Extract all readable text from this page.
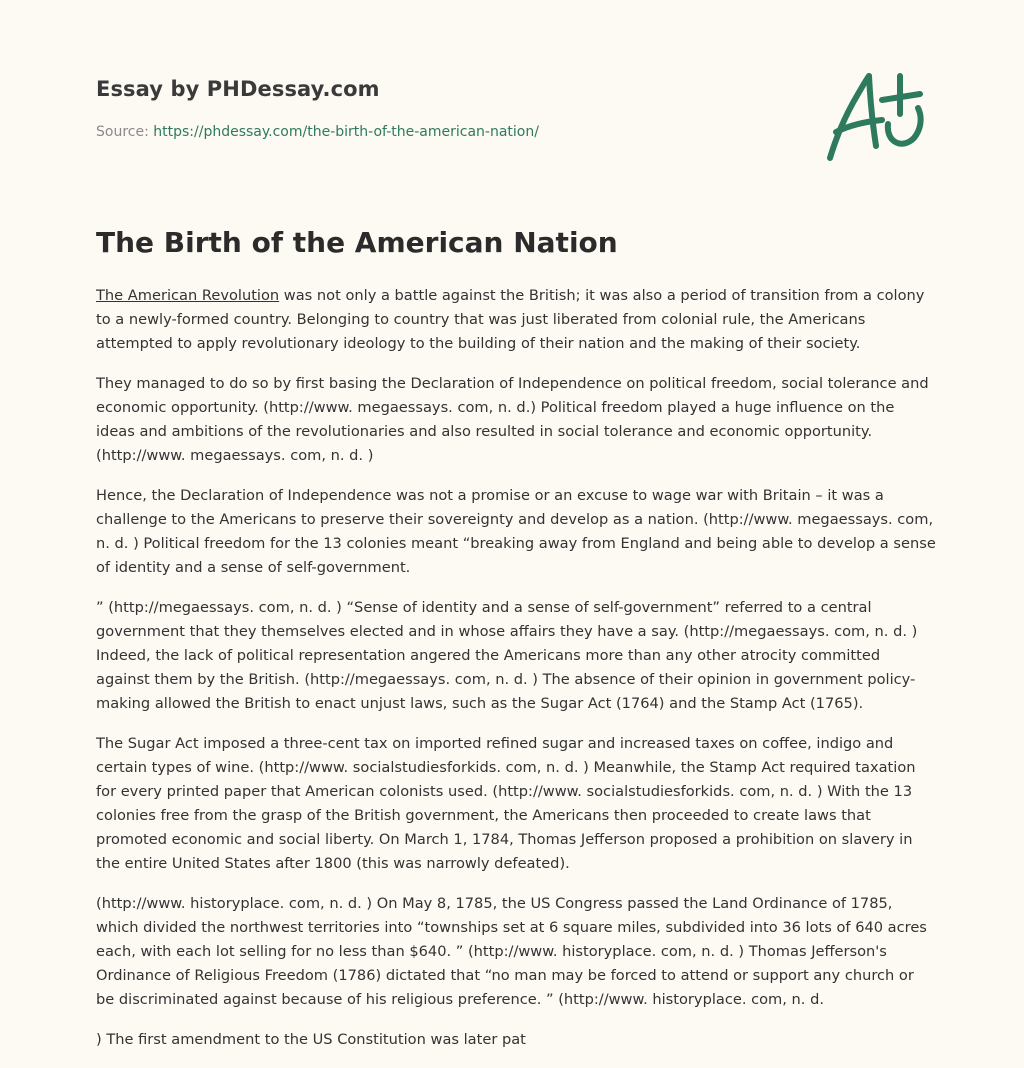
Essay by PHDessay.com
Source: https://phdessay.com/the-birth-of-the-american-nation/
The Birth of the American Nation

The American Revolution was not only a battle against the British; it was also a period of transition from a colony to a newly-formed country. Belonging to country that was just liberated from colonial rule, the Americans attempted to apply revolutionary ideology to the building of their nation and the making of their society.

They managed to do so by first basing the Declaration of Independence on political freedom, social tolerance and economic opportunity. (http://www. megaessays. com, n. d.) Political freedom played a huge influence on the ideas and ambitions of the revolutionaries and also resulted in social tolerance and economic opportunity. (http://www. megaessays. com, n. d. )

Hence, the Declaration of Independence was not a promise or an excuse to wage war with Britain – it was a challenge to the Americans to preserve their sovereignty and develop as a nation. (http://www. megaessays. com, n. d. ) Political freedom for the 13 colonies meant “breaking away from England and being able to develop a sense of identity and a sense of self-government.

” (http://megaessays. com, n. d. ) “Sense of identity and a sense of self-government” referred to a central government that they themselves elected and in whose affairs they have a say. (http://megaessays. com, n. d. ) Indeed, the lack of political representation angered the Americans more than any other atrocity committed against them by the British. (http://megaessays. com, n. d. ) The absence of their opinion in government policy-making allowed the British to enact unjust laws, such as the Sugar Act (1764) and the Stamp Act (1765).

The Sugar Act imposed a three-cent tax on imported refined sugar and increased taxes on coffee, indigo and certain types of wine. (http://www. socialstudiesforkids. com, n. d. ) Meanwhile, the Stamp Act required taxation for every printed paper that American colonists used. (http://www. socialstudiesforkids. com, n. d. ) With the 13 colonies free from the grasp of the British government, the Americans then proceeded to create laws that promoted economic and social liberty. On March 1, 1784, Thomas Jefferson proposed a prohibition on slavery in the entire United States after 1800 (this was narrowly defeated).

(http://www. historyplace. com, n. d. ) On May 8, 1785, the US Congress passed the Land Ordinance of 1785, which divided the northwest territories into “townships set at 6 square miles, subdivided into 36 lots of 640 acres each, with each lot selling for no less than $640. ” (http://www. historyplace. com, n. d. ) Thomas Jefferson's Ordinance of Religious Freedom (1786) dictated that “no man may be forced to attend or support any church or be discriminated against because of his religious preference. ” (http://www. historyplace. com, n. d.

) The first amendment to the US Constitution was later pat
